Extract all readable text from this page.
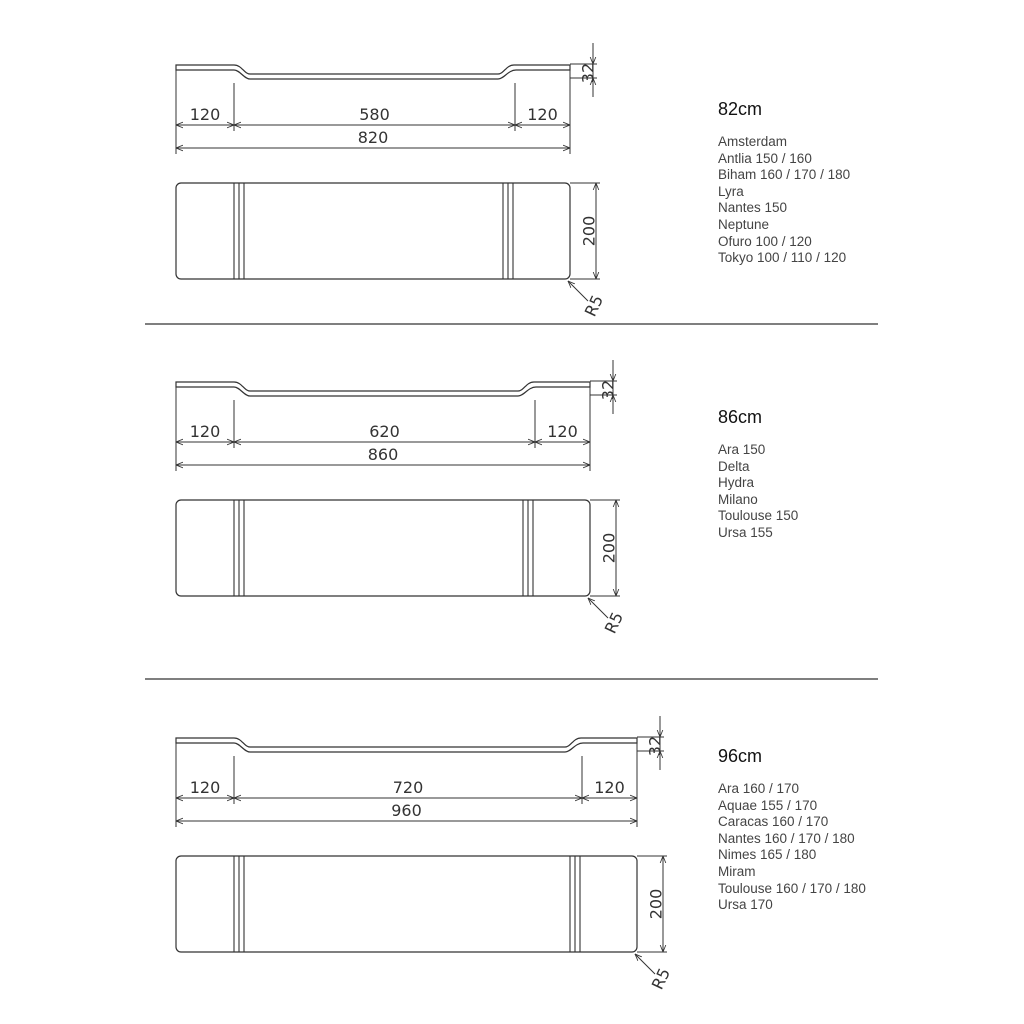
32
120	580	120
820
200
R5
32
120	620	120
860
200
R5
32
120	720	120
960
200
R5
82cm
Amsterdam
Antlia 150 / 160
Biham 160 / 170 / 180
Lyra
Nantes 150
Neptune
Ofuro 100 / 120
Tokyo 100 / 110 / 120
86cm
Ara 150
Delta
Hydra
Milano
Toulouse 150
Ursa 155
96cm
Ara 160 / 170
Aquae 155 / 170
Caracas 160 / 170
Nantes 160 / 170 / 180
Nimes 165 / 180
Miram
Toulouse 160 / 170 / 180
Ursa 170
